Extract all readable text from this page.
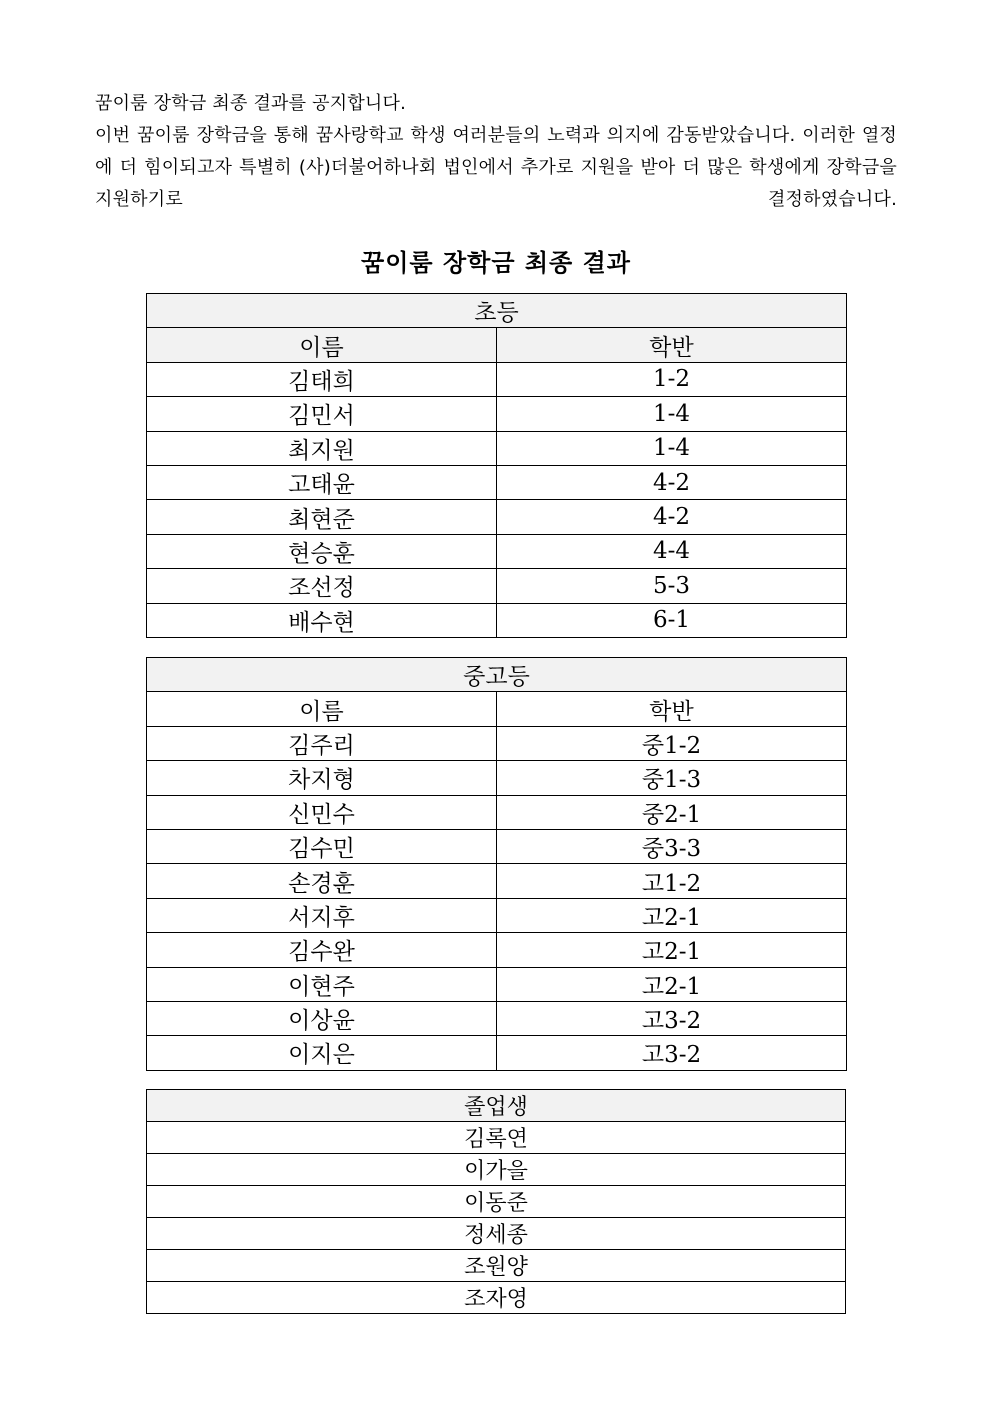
꿈이룸 장학금 최종 결과를 공지합니다.

이번 꿈이룸 장학금을 통해 꿈사랑학교 학생 여러분들의 노력과 의지에 감동받았습니다. 이러한 열정에 더 힘이되고자 특별히 (사)더불어하나회 법인에서 추가로 지원을 받아 더 많은 학생에게 장학금을 지원하기로 결정하였습니다.

꿈이룸 장학금 최종 결과
초등	
이름	학반
김태희	1-2
김민서	1-4
최지원	1-4
고태윤	4-2
최현준	4-2
현승훈	4-4
조선정	5-3
배수현	6-1
중고등	
이름	학반
김주리	중1-2
차지형	중1-3
신민수	중2-1
김수민	중3-3
손경훈	고1-2
서지후	고2-1
김수완	고2-1
이현주	고2-1
이상윤	고3-2
이지은	고3-2
졸업생
김록연
이가을
이동준
정세종
조원양
조자영
